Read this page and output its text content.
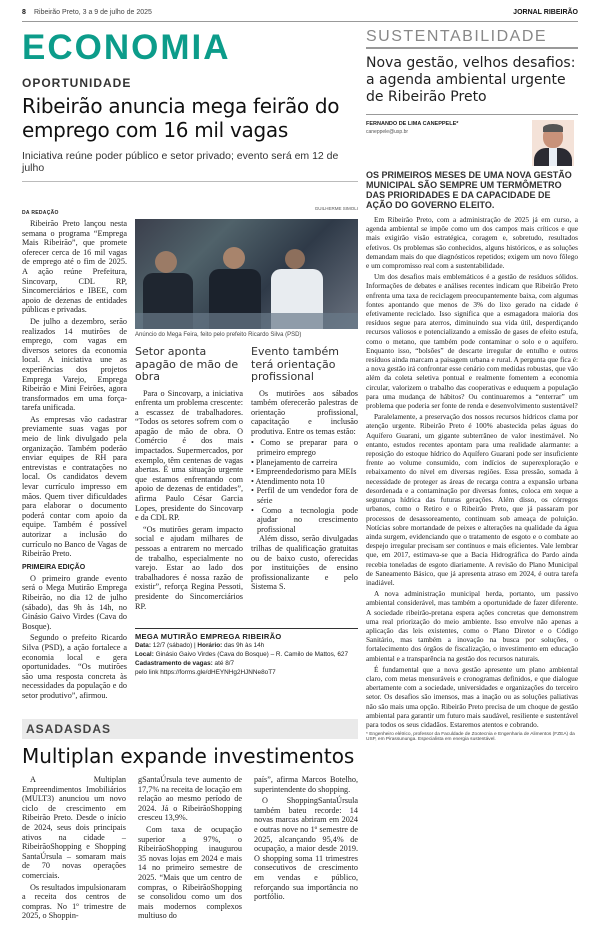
8 Ribeirão Preto, 3 a 9 de julho de 2025	JORNAL RIBEIRÃO
ECONOMIA
OPORTUNIDADE
Ribeirão anuncia mega feirão do emprego com 16 mil vagas
Iniciativa reúne poder público e setor privado; evento será em 12 de julho
DA REDAÇÃO

Ribeirão Preto lançou nesta semana o programa “Emprega Mais Ribeirão”, que promete oferecer cerca de 16 mil vagas de emprego até o fim de 2025. A ação reúne Prefeitura, Sincovarp, CDL RP, Sincomerciários e IBEE, com apoio de dezenas de entidades públicas e privadas.

De julho a dezembro, serão realizados 14 mutirões de emprego, com vagas em diversos setores da economia local. A iniciativa une as experiências dos projetos Emprega Varejo, Emprega Ribeirão e Mini Feirões, agora transformados em uma força-tarefa unificada.

As empresas vão cadastrar previamente suas vagas por meio de link divulgado pela organização. Também poderão enviar equipes de RH para entrevistas e contratações no local. Os candidatos devem levar currículo impresso em mãos. Quem tiver dificuldades para elaborar o documento poderá contar com apoio da equipe. Também é possível autorizar a inclusão do currículo no Banco de Vagas de Ribeirão Preto.

PRIMEIRA EDIÇÃO

O primeiro grande evento será o Mega Mutirão Emprega Ribeirão, no dia 12 de julho (sábado), das 9h às 14h, no Ginásio Gaivo Virdes (Cava do Bosque).

Segundo o prefeito Ricardo Silva (PSD), a ação fortalece a economia local e gera oportunidades. “Os mutirões são uma resposta concreta às necessidades da população e do setor produtivo”, afirmou.

GUILHERME SIMOLI
Anúncio do Mega Feira, feito pelo prefeito Ricardo Silva (PSD)
Setor aponta apagão de mão de obra

Para o Sincovarp, a iniciativa enfrenta um problema crescente: a escassez de trabalhadores. “Todos os setores sofrem com o apagão de mão de obra. O Comércio é dos mais impactados. Supermercados, por exemplo, têm centenas de vagas abertas. É uma situação urgente que estamos enfrentando com apoio de dezenas de entidades”, afirma Paulo César Garcia Lopes, presidente do Sincovarp e da CDL RP.

“Os mutirões geram impacto social e ajudam milhares de pessoas a entrarem no mercado de trabalho, especialmente no varejo. Estar ao lado dos trabalhadores é nossa razão de existir”, reforça Regina Pessoti, presidente do Sincomerciários RP.

Evento também terá orientação profissional

Os mutirões aos sábados também oferecerão palestras de orientação profissional, capacitação e inclusão produtiva. Entre os temas estão:

• Como se preparar para o primeiro emprego
• Planejamento de carreira
• Empreendedorismo para MEIs
• Atendimento nota 10
• Perfil de um vendedor fora de série
• Como a tecnologia pode ajudar no crescimento profissional

Além disso, serão divulgadas trilhas de qualificação gratuitas ou de baixo custo, oferecidas por instituições de ensino profissionalizante e pelo Sistema S.

MEGA MUTIRÃO EMPREGA RIBEIRÃO
Data: 12/7 (sábado) | Horário: das 9h às 14h
Local: Ginásio Gaivo Virdes (Cava do Bosque) – R. Camilo de Mattos, 627
Cadastramento de vagas: até 8/7
pelo link https://forms.gle/dHEYNHg2HJNNe8oT7
ASADASDAS
Multiplan expande investimentos

A Multiplan Empreendimentos Imobiliários (MULT3) anunciou um novo ciclo de crescimento em Ribeirão Preto. Desde o início de 2024, seus dois principais ativos na cidade – RibeirãoShopping e Shopping SantaÚrsula – somaram mais de 70 novas operações comerciais.

Os resultados impulsionaram a receita dos centros de compras. No 1º trimestre de 2025, o Shoppin-

gSantaÚrsula teve aumento de 17,7% na receita de locação em relação ao mesmo período de 2024. Já o RibeirãoShopping cresceu 13,9%.

Com taxa de ocupação superior a 97%, o RibeirãoShopping inaugurou 35 novas lojas em 2024 e mais 14 no primeiro semestre de 2025. “Mais que um centro de compras, o RibeirãoShopping se consolidou como um dos mais modernos complexos multiuso do

país”, afirma Marcos Botelho, superintendente do shopping.

O ShoppingSantaÚrsula também bateu recorde: 14 novas marcas abriram em 2024 e outras nove no 1º semestre de 2025, alcançando 95,4% de ocupação, a maior desde 2019. O shopping soma 11 trimestres consecutivos de crescimento em vendas e público, reforçando sua importância no portfólio.

SUSTENTABILIDADE
Nova gestão, velhos desafios: a agenda ambiental urgente de Ribeirão Preto
FERNANDO DE LIMA CANEPPELE*
caneppele@usp.br
OS PRIMEIROS MESES DE UMA NOVA GESTÃO MUNICIPAL SÃO SEMPRE UM TERMÔMETRO DAS PRIORIDADES E DA CAPACIDADE DE AÇÃO DO GOVERNO ELEITO.

Em Ribeirão Preto, com a administração de 2025 já em curso, a agenda ambiental se impõe como um dos campos mais críticos e que mais exigirão visão estratégica, coragem e, sobretudo, resultados efetivos. Os problemas são conhecidos, alguns históricos, e as soluções demandam mais do que diagnósticos repetidos; exigem um novo fôlego e um compromisso real com a sustentabilidade.

Um dos desafios mais emblemáticos é a gestão de resíduos sólidos. Informações de debates e análises recentes indicam que Ribeirão Preto enfrenta uma taxa de reciclagem preocupantemente baixa, com algumas fontes apontando que menos de 3% do lixo gerado na cidade é efetivamente reciclado. Isso significa que a esmagadora maioria dos resíduos segue para aterros, diminuindo sua vida útil, desperdiçando recursos valiosos e potencializando a emissão de gases de efeito estufa, como o metano, que também pode contaminar o solo e o aquífero. Enquanto isso, “bolsões” de descarte irregular de entulho e outros resíduos ainda marcam a paisagem urbana e rural. A pergunta que fica é: a nova gestão irá confrontar esse cenário com medidas robustas, que vão além da coleta seletiva pontual e realmente fomentem a economia circular, valorizem o trabalho das cooperativas e eduquem a população para uma mudança de hábitos? Ou continuaremos a “enterrar” um problema que poderia ser fonte de renda e desenvolvimento sustentável?

Paralelamente, a preservação dos nossos recursos hídricos clama por atenção urgente. Ribeirão Preto é 100% abastecida pelas águas do Aquífero Guarani, um gigante subterrâneo de valor inestimável. No entanto, estudos recentes apontam para uma realidade alarmante: a reposição do estoque hídrico do Aquífero Guarani pode ser insuficiente frente ao volume consumido, com indícios de superexploração e rebaixamento do nível em diversas regiões. Essa pressão, somada à necessidade de proteger as áreas de recarga contra a expansão urbana desordenada e a contaminação por diversas fontes, coloca em xeque a segurança hídrica das futuras gerações. Além disso, os córregos urbanos, como o Retiro e o Ribeirão Preto, que já passaram por processos de desassoreamento, continuam sob ameaça de poluição. Notícias sobre mortandade de peixes e alterações na qualidade da água ainda surgem, evidenciando que o tratamento de esgoto e o combate ao despejo irregular precisam ser contínuos e mais eficientes. Vale lembrar que, em 2017, estimava-se que a Bacia Hidrográfica do Pardo ainda recebia toneladas de esgoto diariamente. A revisão do Plano Municipal de Saneamento Básico, que já apresenta atraso em 2024, é outra tarefa inadiável.

A nova administração municipal herda, portanto, um passivo ambiental considerável, mas também a oportunidade de fazer diferente. A sociedade ribeirão-pretana espera ações concretas que demonstrem uma real priorização do meio ambiente. Isso envolve não apenas a aplicação das leis existentes, como o Plano Diretor e o Código Sanitário, mas também a inovação na busca por soluções, o fortalecimento dos órgãos de fiscalização, o investimento em educação ambiental e a transparência na gestão dos recursos naturais.

É fundamental que a nova gestão apresente um plano ambiental claro, com metas mensuráveis e cronogramas definidos, e que dialogue abertamente com a sociedade, universidades e organizações do terceiro setor. Os desafios são imensos, mas a inação ou as soluções paliativas não são mais uma opção. Ribeirão Preto precisa de um choque de gestão ambiental para garantir um futuro mais saudável, resiliente e sustentável para todos os seus cidadãos. Estaremos atentos e cobrando.

* Engenheiro elétrico, professor da Faculdade de Zootecnia e Engenharia de Alimentos (FZEA) da USP, em Pirassununga. Especialista em energia sustentável.
